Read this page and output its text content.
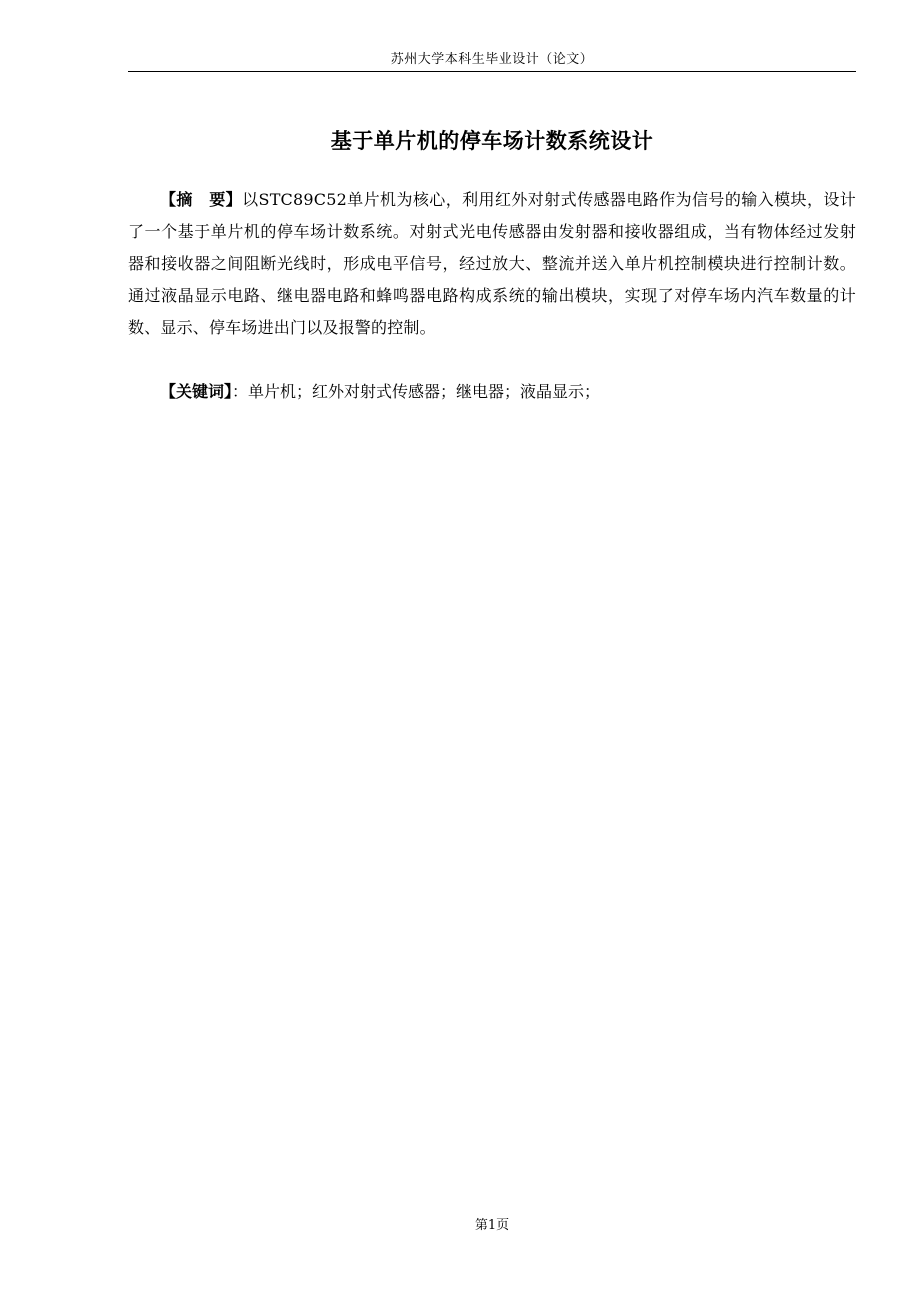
苏州大学本科生毕业设计（论文）
基于单片机的停车场计数系统设计

【摘　要】以STC89C52单片机为核心，利用红外对射式传感器电路作为信号的输入模块，设计了一个基于单片机的停车场计数系统。对射式光电传感器由发射器和接收器组成，当有物体经过发射器和接收器之间阻断光线时，形成电平信号，经过放大、整流并送入单片机控制模块进行控制计数。通过液晶显示电路、继电器电路和蜂鸣器电路构成系统的输出模块，实现了对停车场内汽车数量的计数、显示、停车场进出门以及报警的控制。

【关键词】：单片机；红外对射式传感器；继电器；液晶显示；

第1页
